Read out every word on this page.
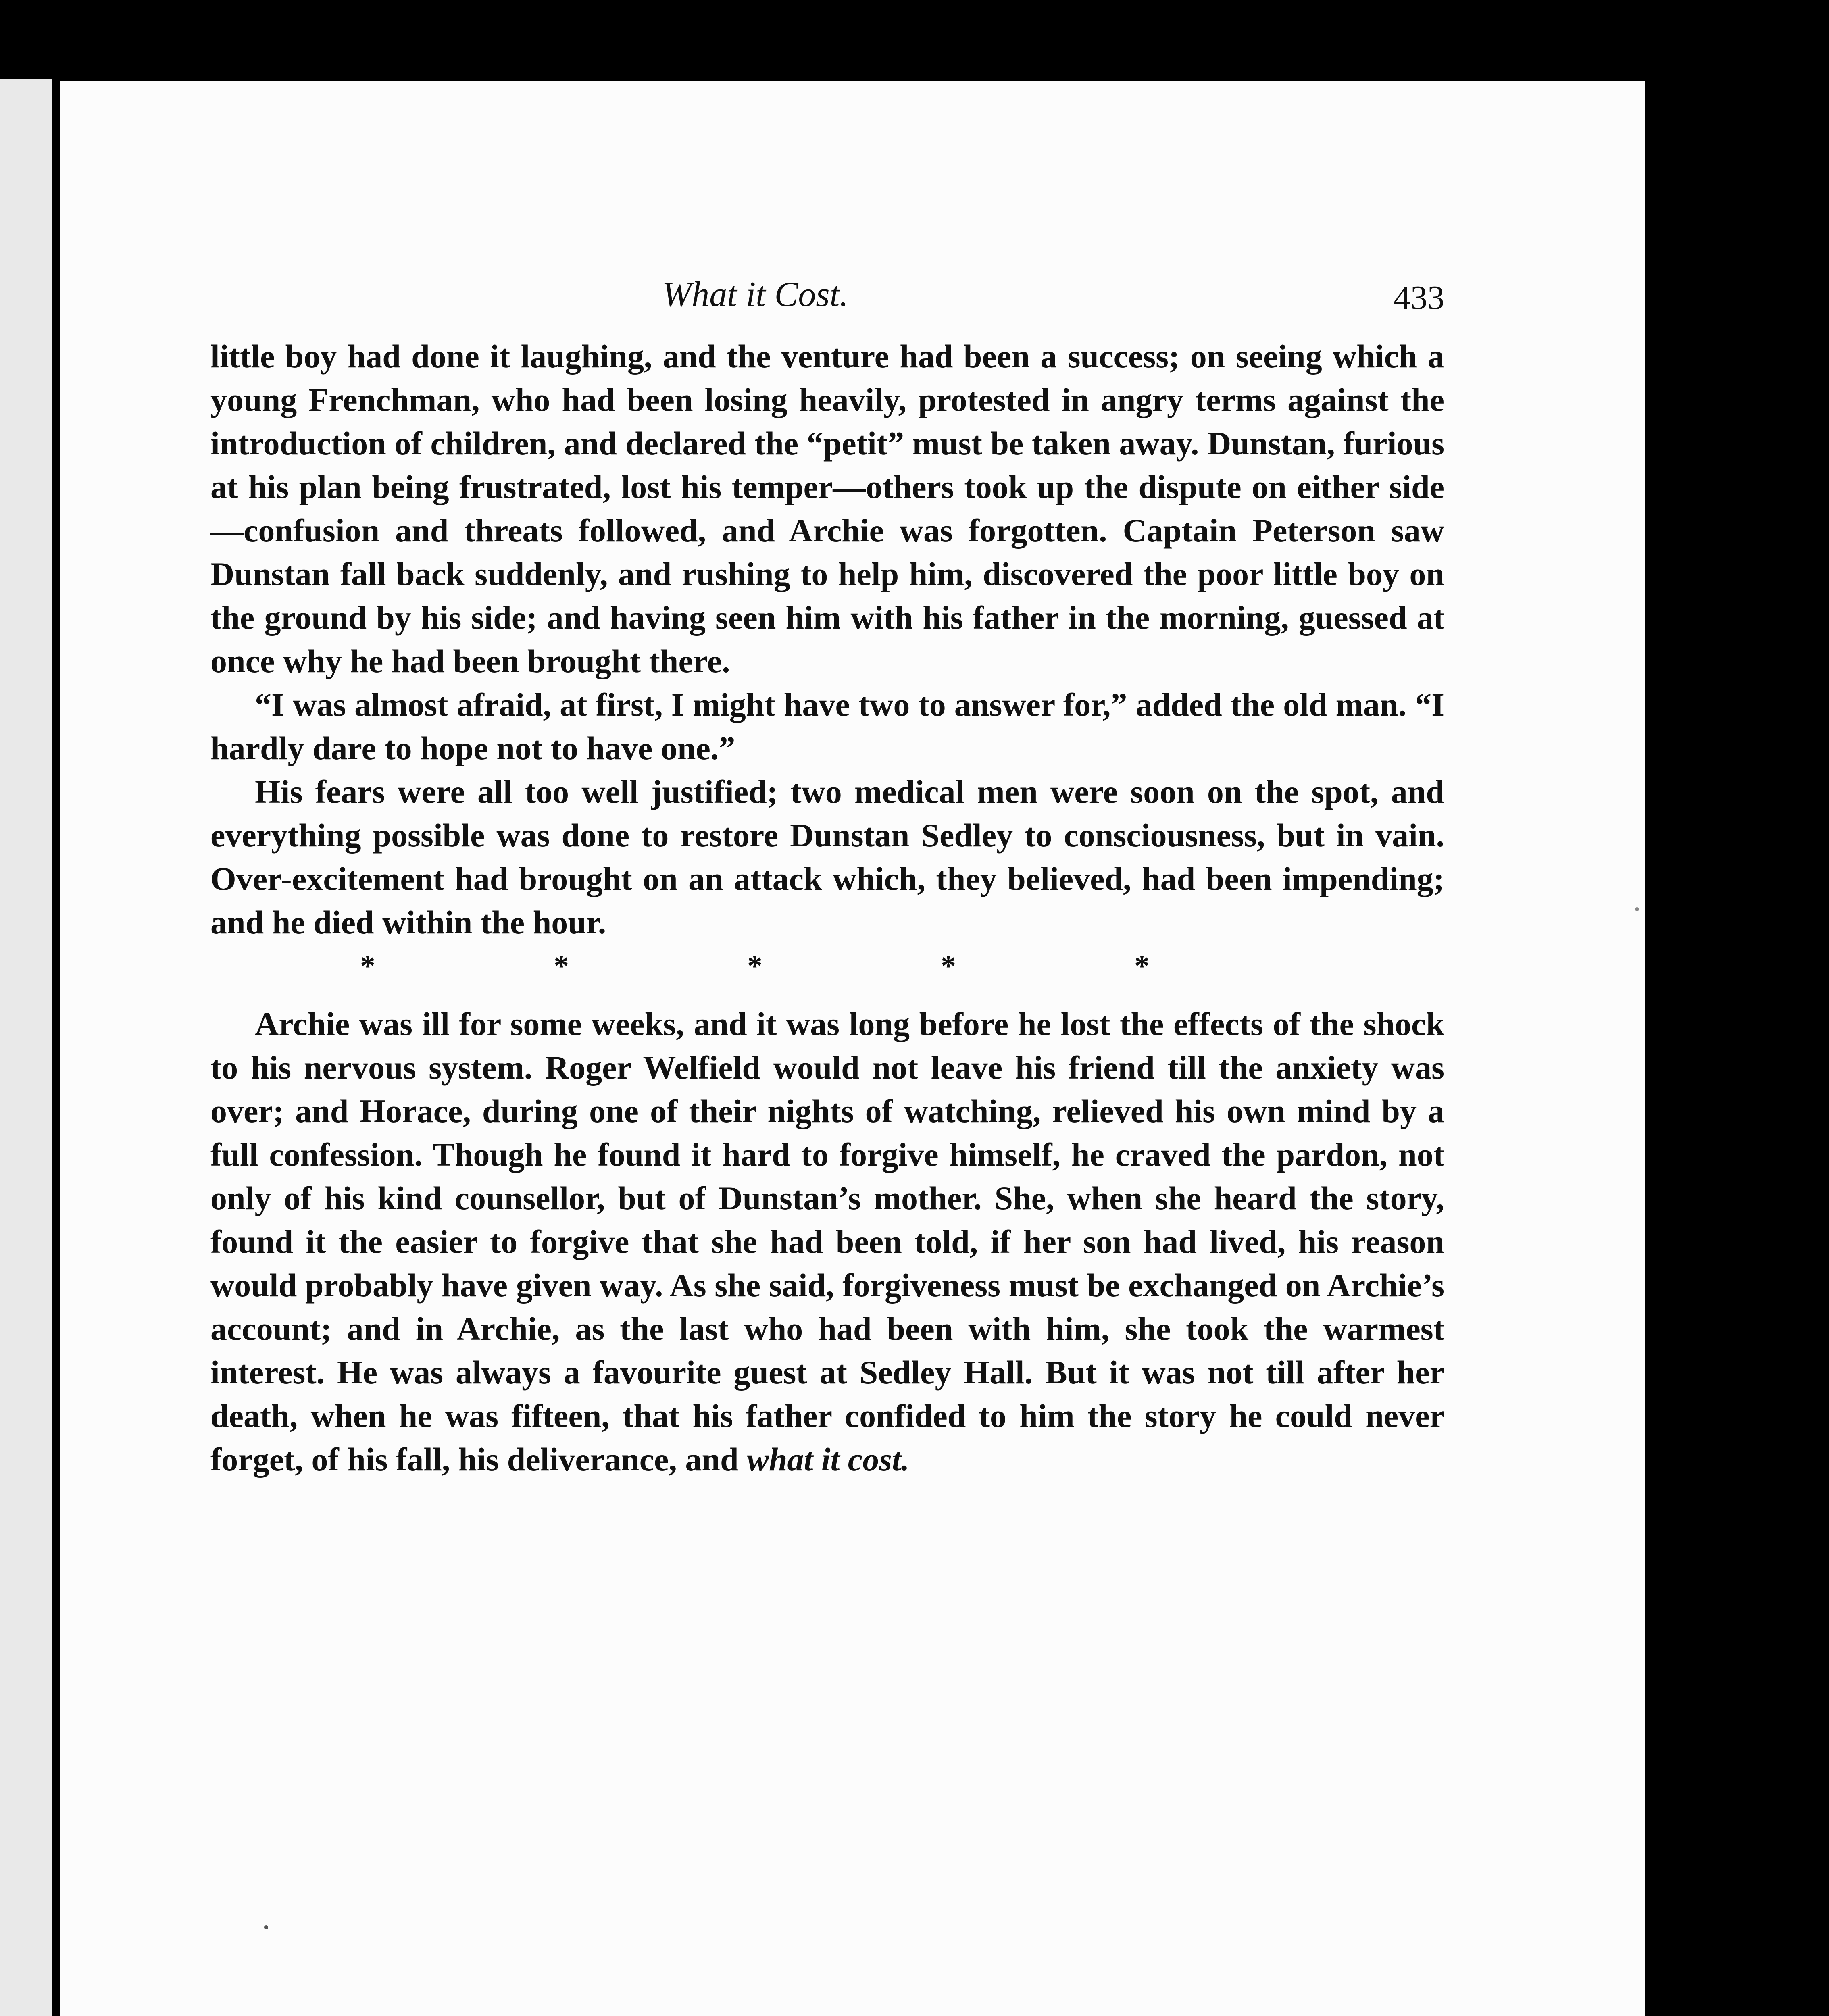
What it Cost.	433

little boy had done it laughing, and the venture had been a success; on seeing which a young Frenchman, who had been losing heavily, protested in angry terms against the introduction of children, and declared the “petit” must be taken away. Dunstan, furious at his plan being frustrated, lost his temper—others took up the dispute on either side—confusion and threats followed, and Archie was forgotten. Captain Peterson saw Dunstan fall back suddenly, and rushing to help him, discovered the poor little boy on the ground by his side; and having seen him with his father in the morning, guessed at once why he had been brought there.

“I was almost afraid, at first, I might have two to answer for,” added the old man. “I hardly dare to hope not to have one.”

His fears were all too well justified; two medical men were soon on the spot, and everything possible was done to restore Dunstan Sedley to consciousness, but in vain. Over-excitement had brought on an attack which, they believed, had been impending; and he died within the hour.

*	*	*	*	*

Archie was ill for some weeks, and it was long before he lost the effects of the shock to his nervous system. Roger Welfield would not leave his friend till the anxiety was over; and Horace, during one of their nights of watching, relieved his own mind by a full confession. Though he found it hard to forgive himself, he craved the pardon, not only of his kind counsellor, but of Dunstan’s mother. She, when she heard the story, found it the easier to forgive that she had been told, if her son had lived, his reason would probably have given way. As she said, forgiveness must be exchanged on Archie’s account; and in Archie, as the last who had been with him, she took the warmest interest. He was always a favourite guest at Sedley Hall. But it was not till after her death, when he was fifteen, that his father confided to him the story he could never forget, of his fall, his deliverance, and what it cost.
